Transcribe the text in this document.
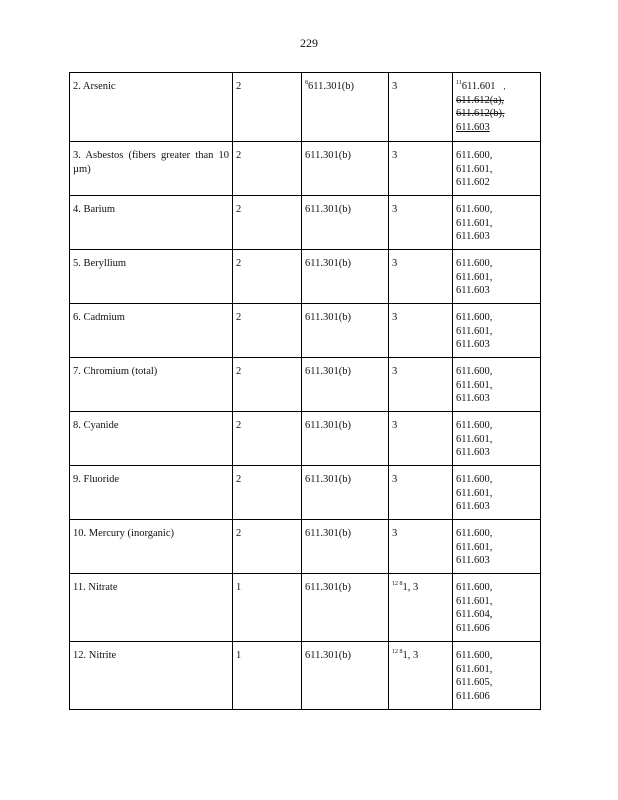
229
2. Arsenic	2	$^8$611.301(b)	3	$^{11}$611.601 ,
611.612(a),
611.612(b),
611.603

3. Asbestos (fibers greater than 10 µm)	2	611.301(b)	3	611.600,
611.601,
611.602

4. Barium	2	611.301(b)	3	611.600,
611.601,
611.603

5. Beryllium	2	611.301(b)	3	611.600,
611.601,
611.603

6. Cadmium	2	611.301(b)	3	611.600,
611.601,
611.603

7. Chromium (total)	2	611.301(b)	3	611.600,
611.601,
611.603

8. Cyanide	2	611.301(b)	3	611.600,
611.601,
611.603

9. Fluoride	2	611.301(b)	3	611.600,
611.601,
611.603

10. Mercury (inorganic)	2	611.301(b)	3	611.600,
611.601,
611.603

11. Nitrate	1	611.301(b)	$^{12 8}$1, 3	611.600,
611.601,
611.604,
611.606

12. Nitrite	1	611.301(b)	$^{12 8}$1, 3	611.600,
611.601,
611.605,
611.606
